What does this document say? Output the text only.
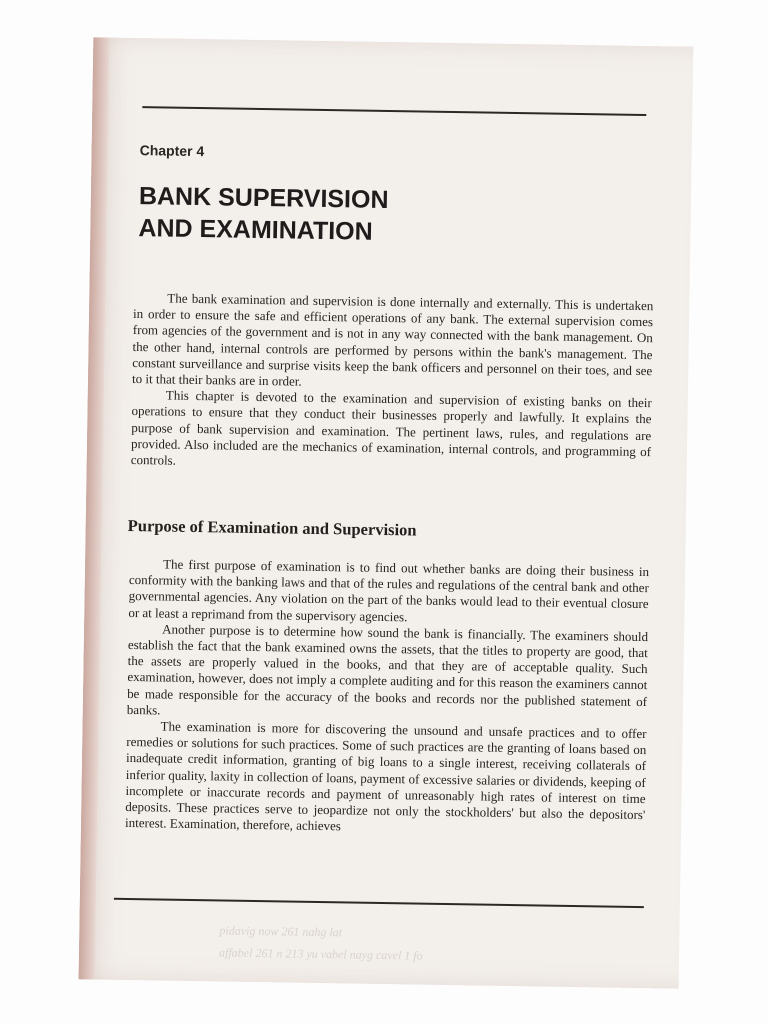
Chapter 4
BANK SUPERVISION
AND EXAMINATION

The bank examination and supervision is done internally and externally. This is undertaken in order to ensure the safe and efficient operations of any bank. The external supervision comes from agencies of the government and is not in any way connected with the bank management. On the other hand, internal controls are performed by persons within the bank's management. The constant surveillance and surprise visits keep the bank officers and personnel on their toes, and see to it that their banks are in order.

This chapter is devoted to the examination and supervision of existing banks on their operations to ensure that they conduct their businesses properly and lawfully. It explains the purpose of bank supervision and examination. The pertinent laws, rules, and regulations are provided. Also included are the mechanics of examination, internal controls, and programming of controls.

Purpose of Examination and Supervision

The first purpose of examination is to find out whether banks are doing their business in conformity with the banking laws and that of the rules and regulations of the central bank and other governmental agencies. Any violation on the part of the banks would lead to their eventual closure or at least a reprimand from the supervisory agencies.

Another purpose is to determine how sound the bank is financially. The examiners should establish the fact that the bank examined owns the assets, that the titles to property are good, that the assets are properly valued in the books, and that they are of acceptable quality. Such examination, however, does not imply a complete auditing and for this reason the examiners cannot be made responsible for the accuracy of the books and records nor the published statement of banks.

The examination is more for discovering the unsound and unsafe practices and to offer remedies or solutions for such practices. Some of such practices are the granting of loans based on inadequate credit information, granting of big loans to a single interest, receiving collaterals of inferior quality, laxity in collection of loans, payment of excessive salaries or dividends, keeping of incomplete or inaccurate records and payment of unreasonably high rates of interest on time deposits. These practices serve to jeopardize not only the stockholders' but also the depositors' interest. Examination, therefore, achieves

pidavig now 261 nahg lat
affabel 261 n 213 yu vabel nayg cavel 1 fo
